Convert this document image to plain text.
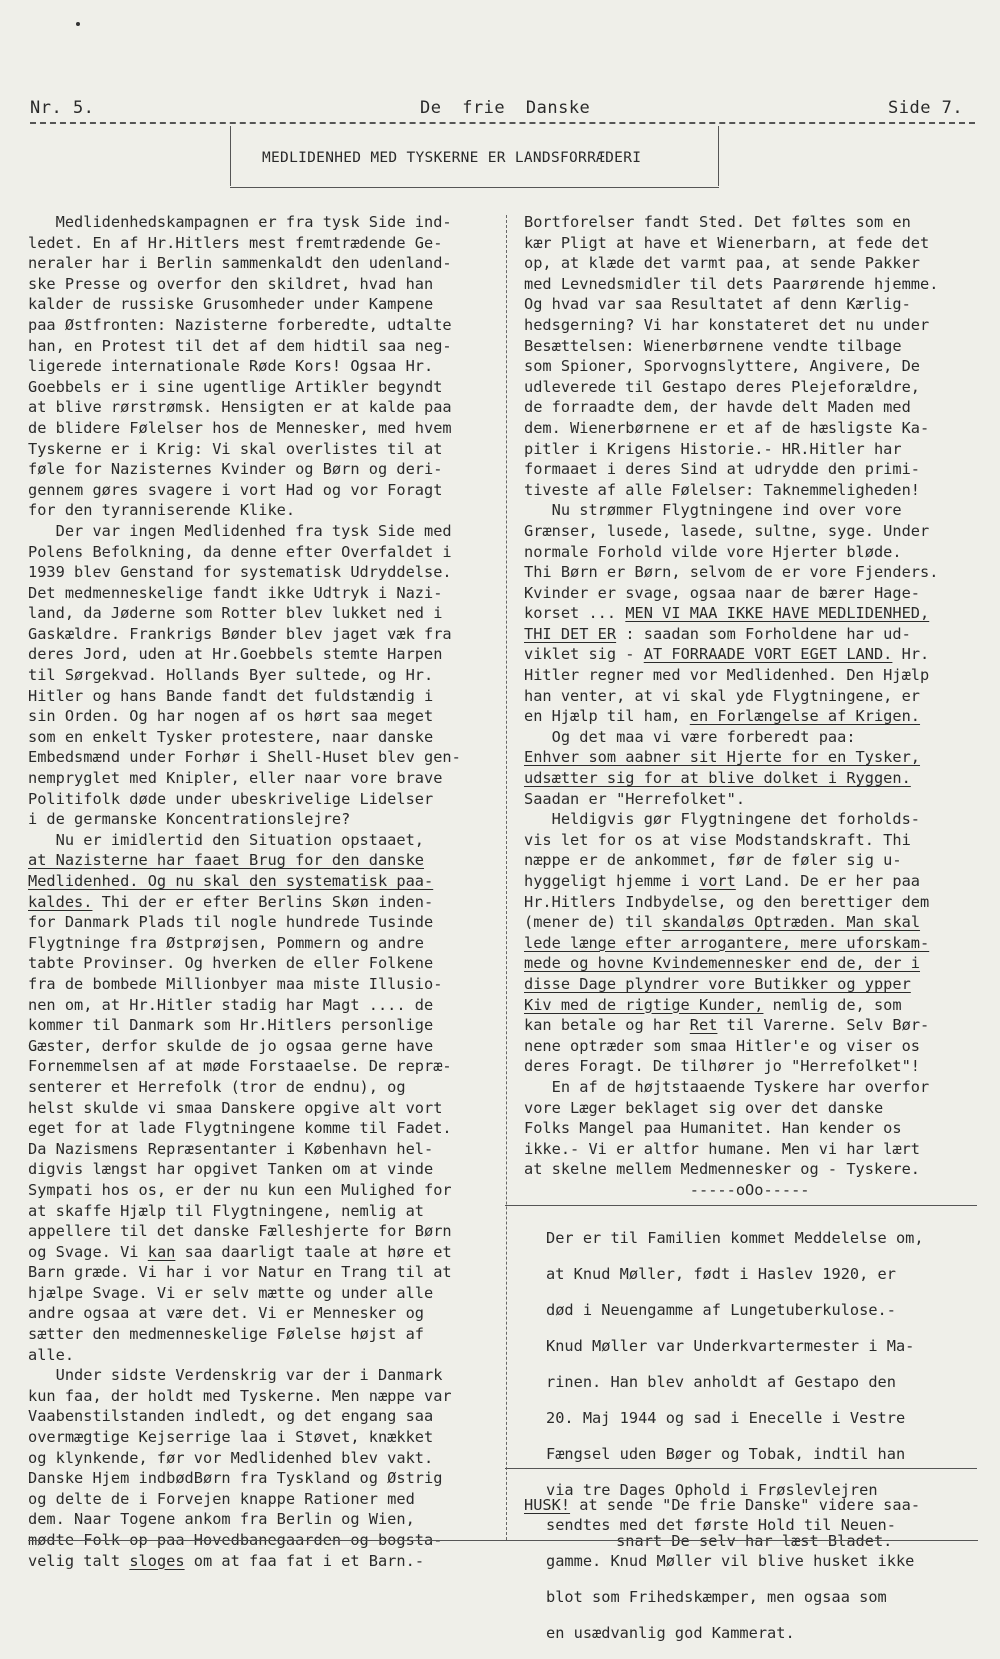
Nr. 5.	De frie Danske	Side 7.
MEDLIDENHED MED TYSKERNE ER LANDSFORRÆDERI

Medlidenhedskampagnen er fra tysk Side ind-

ledet. En af Hr.Hitlers mest fremtrædende Ge-

neraler har i Berlin sammenkaldt den udenland-

ske Presse og overfor den skildret, hvad han

kalder de russiske Grusomheder under Kampene

paa Østfronten: Nazisterne forberedte, udtalte

han, en Protest til det af dem hidtil saa neg-

ligerede internationale Røde Kors! Ogsaa Hr.

Goebbels er i sine ugentlige Artikler begyndt

at blive rørstrømsk. Hensigten er at kalde paa

de blidere Følelser hos de Mennesker, med hvem

Tyskerne er i Krig: Vi skal overlistes til at

føle for Nazisternes Kvinder og Børn og deri-

gennem gøres svagere i vort Had og vor Foragt

for den tyranniserende Klike.

Der var ingen Medlidenhed fra tysk Side med

Polens Befolkning, da denne efter Overfaldet i

1939 blev Genstand for systematisk Udryddelse.

Det medmenneskelige fandt ikke Udtryk i Nazi-

land, da Jøderne som Rotter blev lukket ned i

Gaskældre. Frankrigs Bønder blev jaget væk fra

deres Jord, uden at Hr.Goebbels stemte Harpen

til Sørgekvad. Hollands Byer sultede, og Hr.

Hitler og hans Bande fandt det fuldstændig i

sin Orden. Og har nogen af os hørt saa meget

som en enkelt Tysker protestere, naar danske

Embedsmænd under Forhør i Shell-Huset blev gen-

nempryglet med Knipler, eller naar vore brave

Politifolk døde under ubeskrivelige Lidelser

i de germanske Koncentrationslejre?

Nu er imidlertid den Situation opstaaet,

at Nazisterne har faaet Brug for den danske

Medlidenhed. Og nu skal den systematisk paa-

kaldes. Thi der er efter Berlins Skøn inden-

for Danmark Plads til nogle hundrede Tusinde

Flygtninge fra Østprøjsen, Pommern og andre

tabte Provinser. Og hverken de eller Folkene

fra de bombede Millionbyer maa miste Illusio-

nen om, at Hr.Hitler stadig har Magt .... de

kommer til Danmark som Hr.Hitlers personlige

Gæster, derfor skulde de jo ogsaa gerne have

Fornemmelsen af at møde Forstaaelse. De repræ-

senterer et Herrefolk (tror de endnu), og

helst skulde vi smaa Danskere opgive alt vort

eget for at lade Flygtningene komme til Fadet.

Da Nazismens Repræsentanter i København hel-

digvis længst har opgivet Tanken om at vinde

Sympati hos os, er der nu kun een Mulighed for

at skaffe Hjælp til Flygtningene, nemlig at

appellere til det danske Fælleshjerte for Børn

og Svage. Vi kan saa daarligt taale at høre et

Barn græde. Vi har i vor Natur en Trang til at

hjælpe Svage. Vi er selv mætte og under alle

andre ogsaa at være det. Vi er Mennesker og

sætter den medmenneskelige Følelse højst af

alle.

Under sidste Verdenskrig var der i Danmark

kun faa, der holdt med Tyskerne. Men næppe var

Vaabenstilstanden indledt, og det engang saa

overmægtige Kejserrige laa i Støvet, knækket

og klynkende, før vor Medlidenhed blev vakt.

Danske Hjem indbødBørn fra Tyskland og Østrig

og delte de i Forvejen knappe Rationer med

dem. Naar Togene ankom fra Berlin og Wien,

mødte Folk op paa Hovedbanegaarden og bogsta-

velig talt sloges om at faa fat i et Barn.-

Bortforelser fandt Sted. Det føltes som en

kær Pligt at have et Wienerbarn, at fede det

op, at klæde det varmt paa, at sende Pakker

med Levnedsmidler til dets Paarørende hjemme.

Og hvad var saa Resultatet af denn Kærlig-

hedsgerning? Vi har konstateret det nu under

Besættelsen: Wienerbørnene vendte tilbage

som Spioner, Sporvognslyttere, Angivere, De

udleverede til Gestapo deres Plejeforældre,

de forraadte dem, der havde delt Maden med

dem. Wienerbørnene er et af de hæsligste Ka-

pitler i Krigens Historie.- HR.Hitler har

formaaet i deres Sind at udrydde den primi-

tiveste af alle Følelser: Taknemmeligheden!

Nu strømmer Flygtningene ind over vore

Grænser, lusede, lasede, sultne, syge. Under

normale Forhold vilde vore Hjerter bløde.

Thi Børn er Børn, selvom de er vore Fjenders.

Kvinder er svage, ogsaa naar de bærer Hage-

korset ... MEN VI MAA IKKE HAVE MEDLIDENHED,

THI DET ER : saadan som Forholdene har ud-

viklet sig - AT FORRAADE VORT EGET LAND. Hr.

Hitler regner med vor Medlidenhed. Den Hjælp

han venter, at vi skal yde Flygtningene, er

en Hjælp til ham, en Forlængelse af Krigen.

Og det maa vi være forberedt paa:

Enhver som aabner sit Hjerte for en Tysker,

udsætter sig for at blive dolket i Ryggen.

Saadan er "Herrefolket".

Heldigvis gør Flygtningene det forholds-

vis let for os at vise Modstandskraft. Thi

næppe er de ankommet, før de føler sig u-

hyggeligt hjemme i vort Land. De er her paa

Hr.Hitlers Indbydelse, og den berettiger dem

(mener de) til skandaløs Optræden. Man skal

lede længe efter arrogantere, mere uforskam-

mede og hovne Kvindemennesker end de, der i

disse Dage plyndrer vore Butikker og ypper

Kiv med de rigtige Kunder, nemlig de, som

kan betale og har Ret til Varerne. Selv Bør-

nene optræder som smaa Hitler'e og viser os

deres Foragt. De tilhører jo "Herrefolket"!

En af de højtstaaende Tyskere har overfor

vore Læger beklaget sig over det danske

Folks Mangel paa Humanitet. Han kender os

ikke.- Vi er altfor humane. Men vi har lært

at skelne mellem Medmennesker og - Tyskere.

-----oOo-----

Der er til Familien kommet Meddelelse om,

at Knud Møller, født i Haslev 1920, er

død i Neuengamme af Lungetuberkulose.-

Knud Møller var Underkvartermester i Ma-

rinen. Han blev anholdt af Gestapo den

20. Maj 1944 og sad i Enecelle i Vestre

Fængsel uden Bøger og Tobak, indtil han

via tre Dages Ophold i Frøslevlejren

sendtes med det første Hold til Neuen-

gamme. Knud Møller vil blive husket ikke

blot som Frihedskæmper, men ogsaa som

en usædvanlig god Kammerat.

HUSK! at sende "De frie Danske" videre saa-

snart De selv har læst Bladet.
